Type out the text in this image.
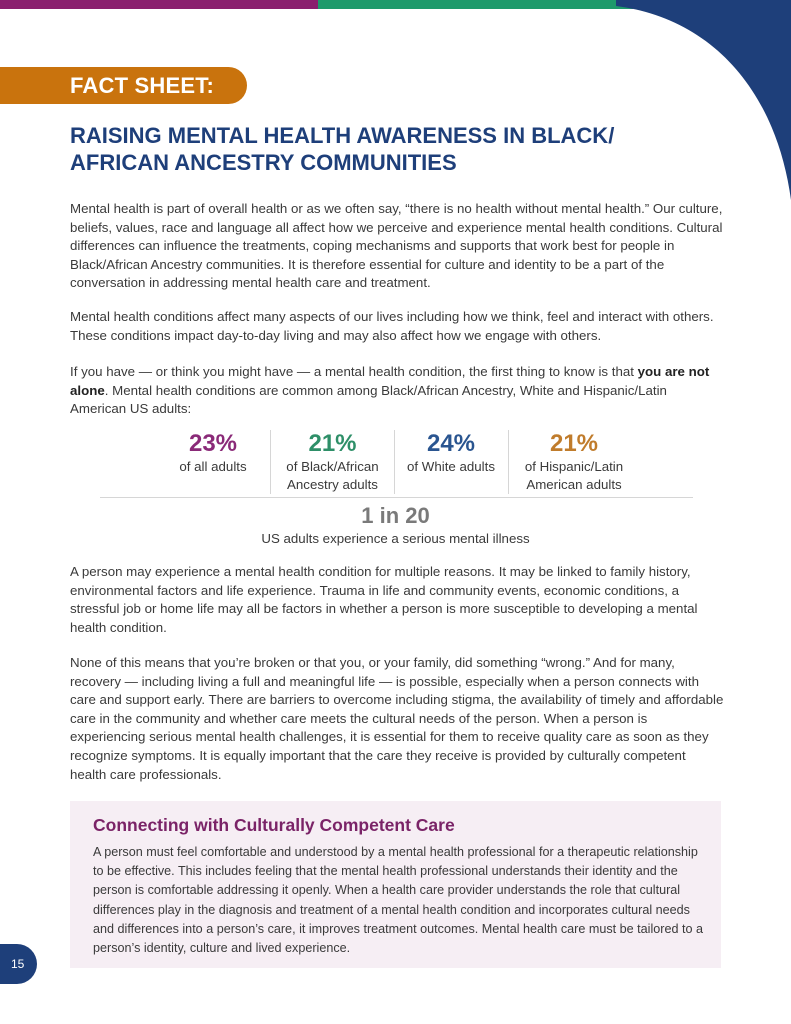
FACT SHEET:
RAISING MENTAL HEALTH AWARENESS IN BLACK/
AFRICAN ANCESTRY COMMUNITIES

Mental health is part of overall health or as we often say, “there is no health without mental health.” Our culture, beliefs, values, race and language all affect how we perceive and experience mental health conditions. Cultural differences can influence the treatments, coping mechanisms and supports that work best for people in Black/African Ancestry communities. It is therefore essential for culture and identity to be a part of the conversation in addressing mental health care and treatment.

Mental health conditions affect many aspects of our lives including how we think, feel and interact with others. These conditions impact day-to-day living and may also affect how we engage with others.

If you have — or think you might have — a mental health condition, the first thing to know is that you are not alone. Mental health conditions are common among Black/African Ancestry, White and Hispanic/Latin American US adults:

23%
of all adults
21%
of Black/African
Ancestry adults
24%
of White adults
21%
of Hispanic/Latin
American adults
1 in 20
US adults experience a serious mental illness

A person may experience a mental health condition for multiple reasons. It may be linked to family history, environmental factors and life experience. Trauma in life and community events, economic conditions, a stressful job or home life may all be factors in whether a person is more susceptible to developing a mental health condition.

None of this means that you’re broken or that you, or your family, did something “wrong.” And for many, recovery — including living a full and meaningful life — is possible, especially when a person connects with care and support early. There are barriers to overcome including stigma, the availability of timely and affordable care in the community and whether care meets the cultural needs of the person. When a person is experiencing serious mental health challenges, it is essential for them to receive quality care as soon as they recognize symptoms. It is equally important that the care they receive is provided by culturally competent health care professionals.

Connecting with Culturally Competent Care

A person must feel comfortable and understood by a mental health professional for a therapeutic relationship to be effective. This includes feeling that the mental health professional understands their identity and the person is comfortable addressing it openly. When a health care provider understands the role that cultural differences play in the diagnosis and treatment of a mental health condition and incorporates cultural needs and differences into a person’s care, it improves treatment outcomes. Mental health care must be tailored to a person’s identity, culture and lived experience.

15
